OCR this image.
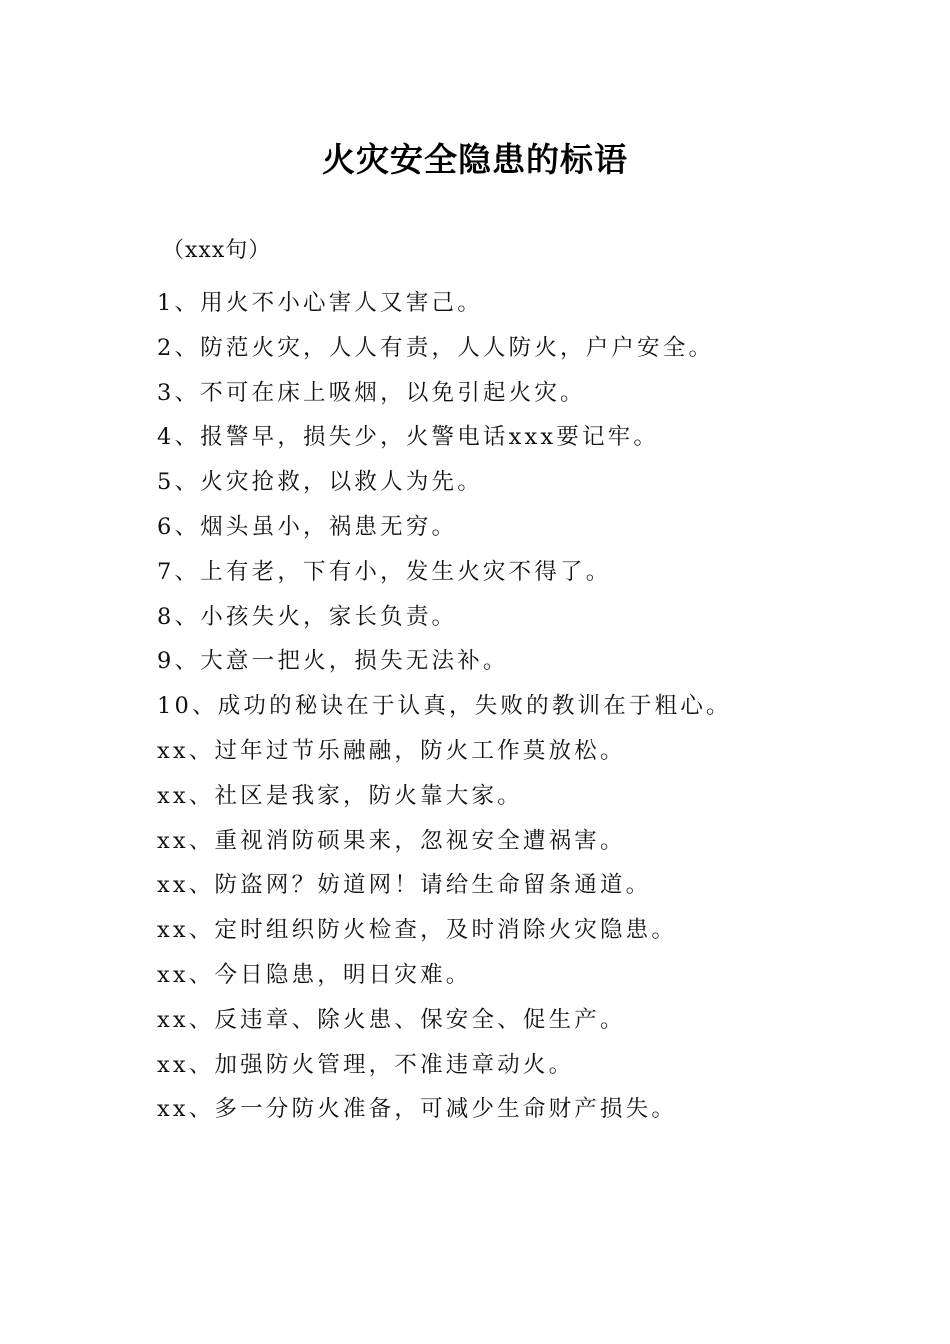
火灾安全隐患的标语
（xxx句）
1、用火不小心害人又害己。
2、防范火灾，人人有责，人人防火，户户安全。
3、不可在床上吸烟，以免引起火灾。
4、报警早，损失少，火警电话xxx要记牢。
5、火灾抢救，以救人为先。
6、烟头虽小，祸患无穷。
7、上有老，下有小，发生火灾不得了。
8、小孩失火，家长负责。
9、大意一把火，损失无法补。
10、成功的秘诀在于认真，失败的教训在于粗心。
xx、过年过节乐融融，防火工作莫放松。
xx、社区是我家，防火靠大家。
xx、重视消防硕果来，忽视安全遭祸害。
xx、防盗网？妨道网！请给生命留条通道。
xx、定时组织防火检查，及时消除火灾隐患。
xx、今日隐患，明日灾难。
xx、反违章、除火患、保安全、促生产。
xx、加强防火管理，不准违章动火。
xx、多一分防火准备，可减少生命财产损失。
